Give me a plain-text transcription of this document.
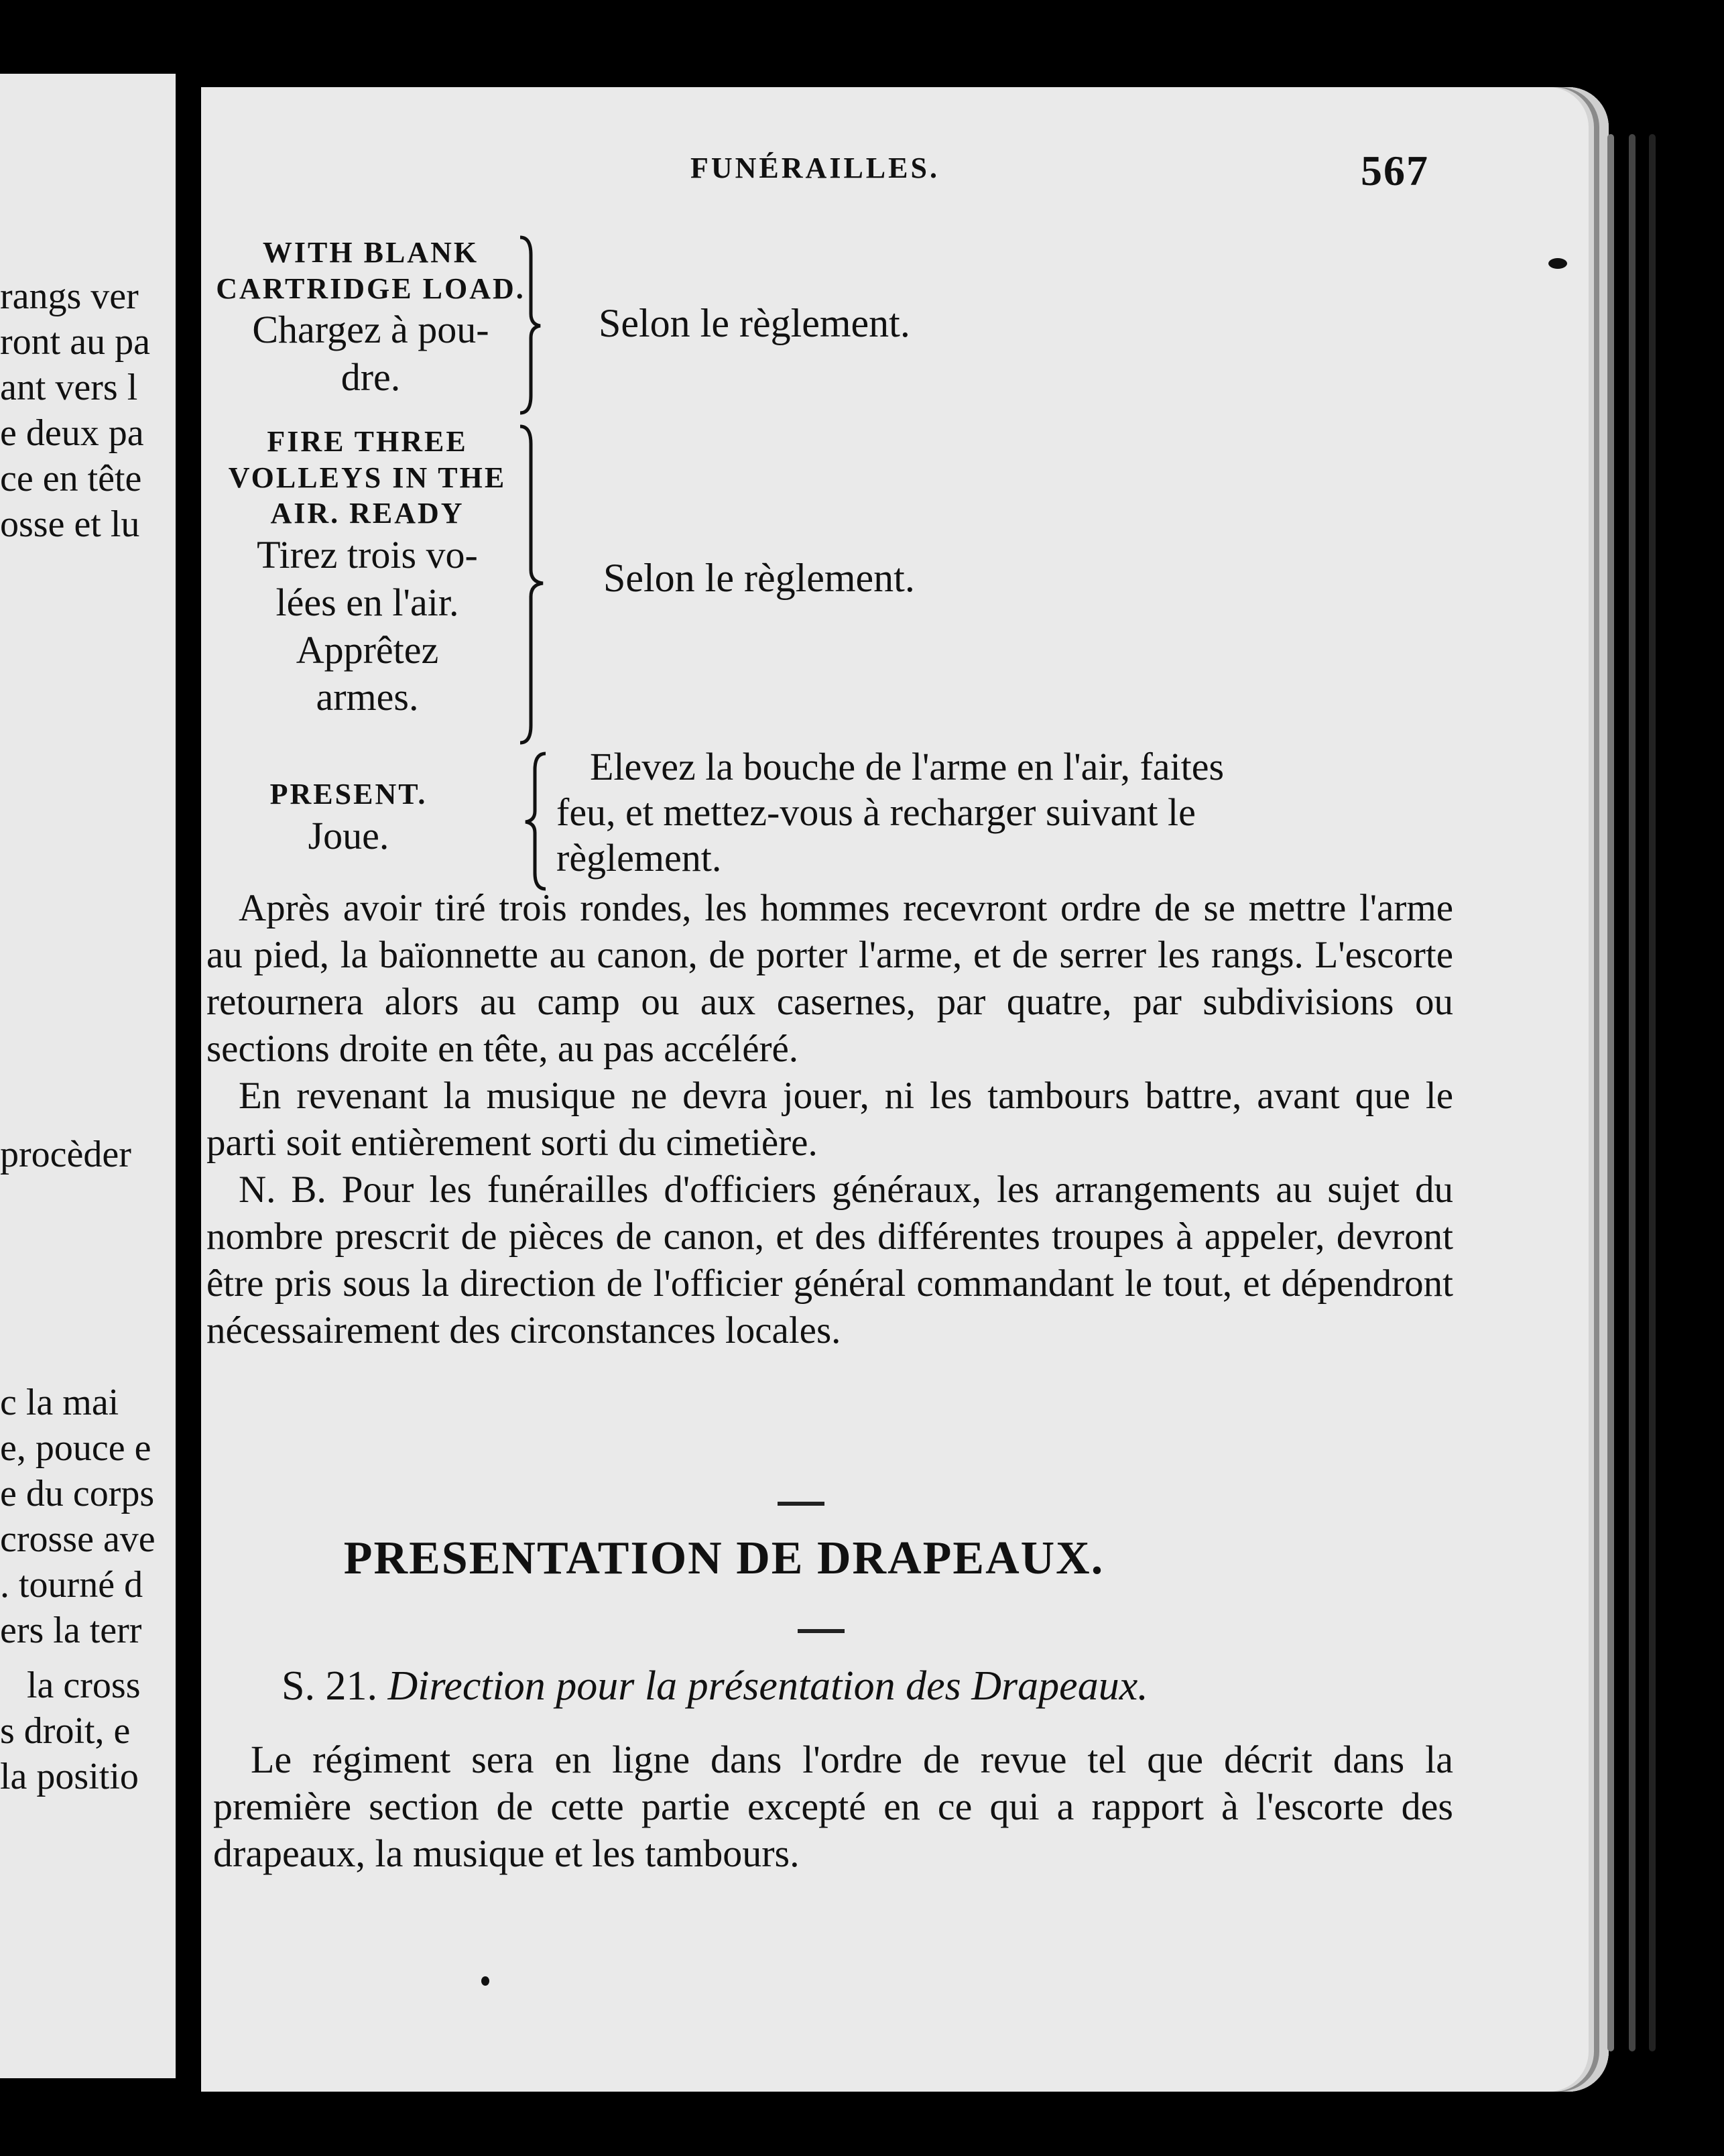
rangs ver
ront au pa
ant vers l
e deux pa
ce en tête
osse et lu
procèder
c la mai
e, pouce e
e du corps
crosse ave
. tourné d
ers la terr
la cross
s droit, e
la positio
FUNÉRAILLES.	567
WITH BLANK
CARTRIDGE LOAD.
Chargez à pou-
dre.
Selon le règlement.
FIRE THREE
VOLLEYS IN THE
AIR. READY
Tirez trois vo-
lées en l'air.
Apprêtez
armes.
Selon le règlement.
PRESENT.
Joue.
Elevez la bouche de l'arme en l'air, faites
feu, et mettez-vous à recharger suivant le
règlement.

Après avoir tiré trois rondes, les hommes recevront ordre de se mettre l'arme au pied, la baïonnette au canon, de porter l'arme, et de serrer les rangs. L'escorte retournera alors au camp ou aux casernes, par quatre, par subdivisions ou sections droite en tête, au pas accéléré.

En revenant la musique ne devra jouer, ni les tambours battre, avant que le parti soit entièrement sorti du cimetière.

N. B. Pour les funérailles d'officiers généraux, les arrangements au sujet du nombre prescrit de pièces de canon, et des différentes troupes à appeler, devront être pris sous la direction de l'officier général commandant le tout, et dépendront nécessairement des circonstances locales.

PRESENTATION DE DRAPEAUX.
S. 21. Direction pour la présentation des Drapeaux.

Le régiment sera en ligne dans l'ordre de revue tel que décrit dans la première section de cette partie excepté en ce qui a rapport à l'escorte des drapeaux, la musique et les tambours.
